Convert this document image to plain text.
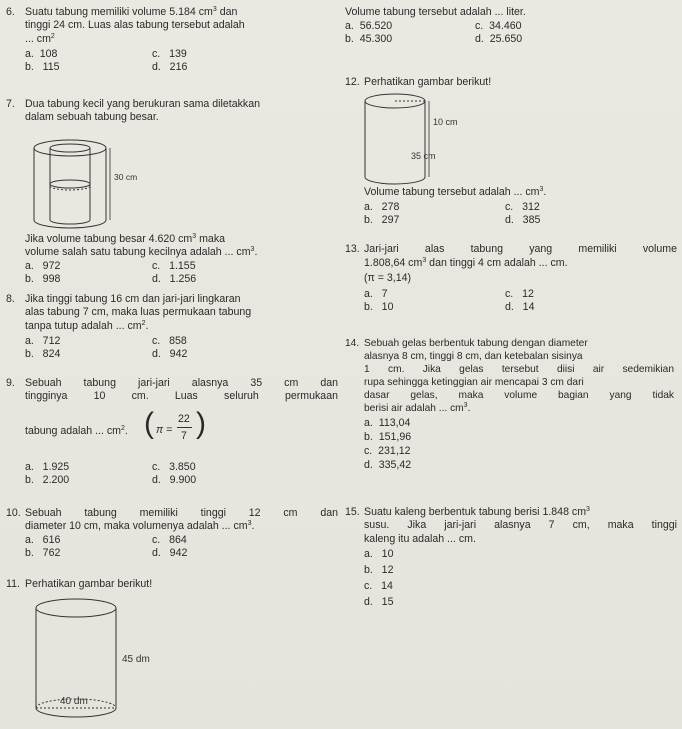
6. Suatu tabung memiliki volume 5.184 $cm^3$ dan
tinggi 24 cm. Luas alas tabung tersebut adalah
... $cm^2$
a.  108	c.   139
b.   115	d.   216
7. Dua tabung kecil yang berukuran sama diletakkan
dalam sebuah tabung besar.
30 cm
Jika volume tabung besar 4.620 $cm^3$ maka
volume salah satu tabung kecilnya adalah ... $cm^3$.
a.   972	c.   1.155
b.   998	d.   1.256
8. Jika tinggi tabung 16 cm dan jari-jari lingkaran
alas tabung 7 cm, maka luas permukaan tabung
tanpa tutup adalah ... $cm^2$.
a.   712	c.   858
b.   824	d.   942
9. Sebuah tabung jari-jari alasnya 35 cm dan
tingginya 10 cm. Luas seluruh permukaan
tabung adalah ... $cm^2$. ( π =
22
7 )
a.   1.925	c.   3.850
b.   2.200	d.   9.900
10. Sebuah tabung memiliki tinggi 12 cm dan
diameter 10 cm, maka volumenya adalah ... $cm^3$.
a.   616	c.   864
b.   762	d.   942
11. Perhatikan gambar berikut!
45 dm
40 dm
Volume tabung tersebut adalah ... liter.
a.  56.520	c.  34.460
b.  45.300	d.  25.650
12. Perhatikan gambar berikut!
10 cm
35 cm
Volume tabung tersebut adalah ... $cm^3$.
a.   278	c.   312
b.   297	d.   385
13. Jari-jari alas tabung yang memiliki volume
1.808,64 $cm^3$ dan tinggi 4 cm adalah ... cm.
(π = 3,14)
a.   7	c.   12
b.   10	d.   14
14. Sebuah gelas berbentuk tabung dengan diameter
alasnya 8 cm, tinggi 8 cm, dan ketebalan sisinya
1 cm. Jika gelas tersebut diisi air sedemikian
rupa sehingga ketinggian air mencapai 3 cm dari
dasar gelas, maka volume bagian yang tidak
berisi air adalah ... $cm^3$.
a.  113,04
b.  151,96
c.  231,12
d.  335,42
15. Suatu kaleng berbentuk tabung berisi 1.848 $cm^3$
susu. Jika jari-jari alasnya 7 cm, maka tinggi
kaleng itu adalah ... cm.
a.   10
b.   12
c.   14
d.   15
